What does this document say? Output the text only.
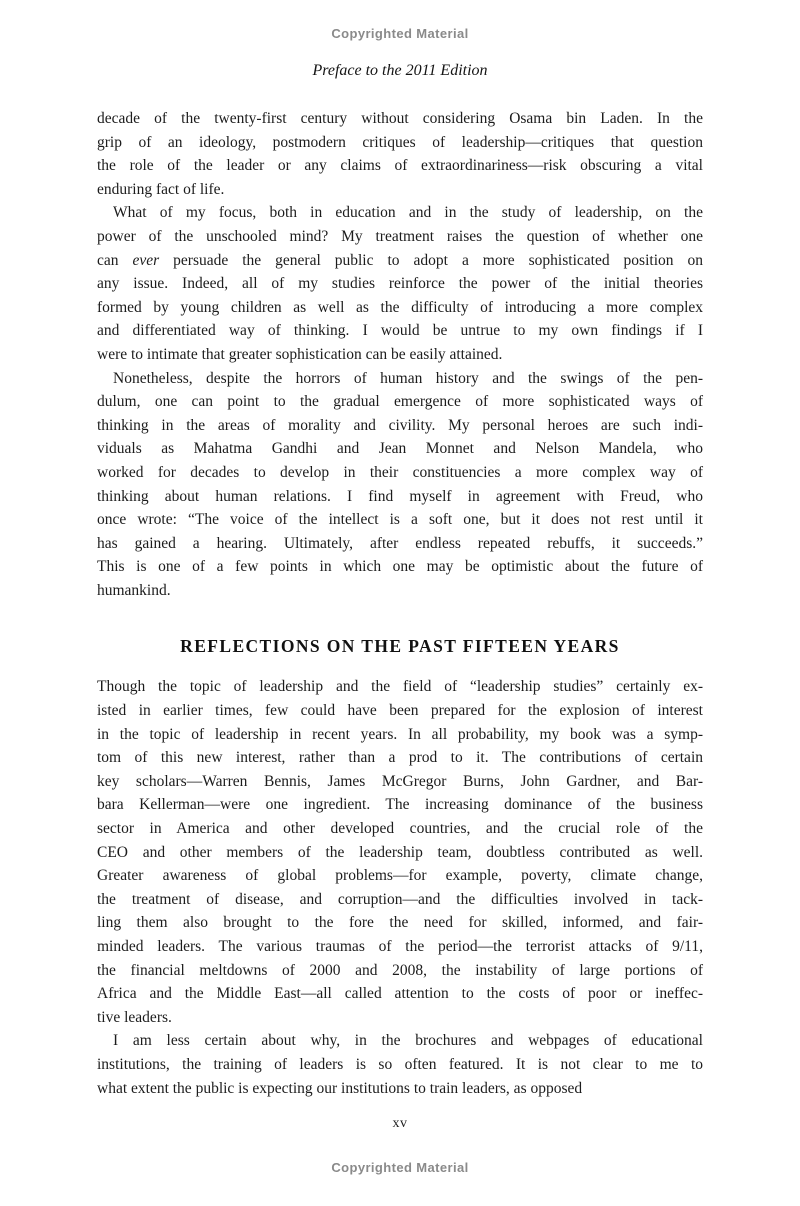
Copyrighted Material
Preface to the 2011 Edition
decade of the twenty-first century without considering Osama bin Laden. In the
grip of an ideology, postmodern critiques of leadership—critiques that question
the role of the leader or any claims of extraordinariness—risk obscuring a vital
enduring fact of life.
What of my focus, both in education and in the study of leadership, on the
power of the unschooled mind? My treatment raises the question of whether one
can ever persuade the general public to adopt a more sophisticated position on
any issue. Indeed, all of my studies reinforce the power of the initial theories
formed by young children as well as the difficulty of introducing a more complex
and differentiated way of thinking. I would be untrue to my own findings if I
were to intimate that greater sophistication can be easily attained.
Nonetheless, despite the horrors of human history and the swings of the pen-
dulum, one can point to the gradual emergence of more sophisticated ways of
thinking in the areas of morality and civility. My personal heroes are such indi-
viduals as Mahatma Gandhi and Jean Monnet and Nelson Mandela, who
worked for decades to develop in their constituencies a more complex way of
thinking about human relations. I find myself in agreement with Freud, who
once wrote: “The voice of the intellect is a soft one, but it does not rest until it
has gained a hearing. Ultimately, after endless repeated rebuffs, it succeeds.”
This is one of a few points in which one may be optimistic about the future of
humankind.
REFLECTIONS ON THE PAST FIFTEEN YEARS
Though the topic of leadership and the field of “leadership studies” certainly ex-
isted in earlier times, few could have been prepared for the explosion of interest
in the topic of leadership in recent years. In all probability, my book was a symp-
tom of this new interest, rather than a prod to it. The contributions of certain
key scholars—Warren Bennis, James McGregor Burns, John Gardner, and Bar-
bara Kellerman—were one ingredient. The increasing dominance of the business
sector in America and other developed countries, and the crucial role of the
CEO and other members of the leadership team, doubtless contributed as well.
Greater awareness of global problems—for example, poverty, climate change,
the treatment of disease, and corruption—and the difficulties involved in tack-
ling them also brought to the fore the need for skilled, informed, and fair-
minded leaders. The various traumas of the period—the terrorist attacks of 9/11,
the financial meltdowns of 2000 and 2008, the instability of large portions of
Africa and the Middle East—all called attention to the costs of poor or ineffec-
tive leaders.
I am less certain about why, in the brochures and webpages of educational
institutions, the training of leaders is so often featured. It is not clear to me to
what extent the public is expecting our institutions to train leaders, as opposed
xv
Copyrighted Material
